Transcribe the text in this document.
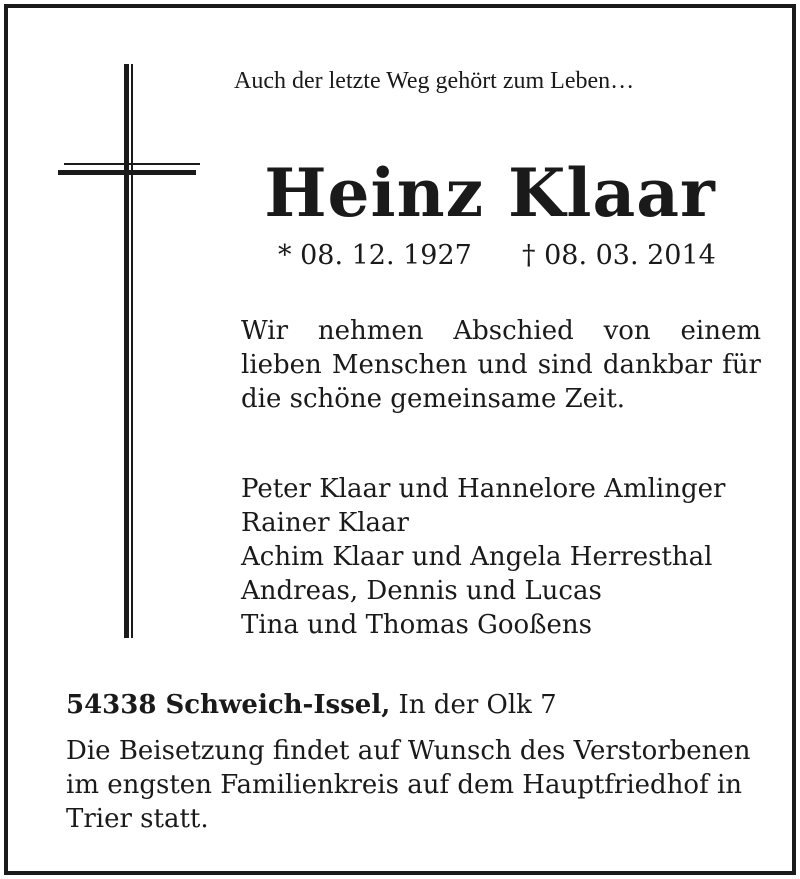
Auch der letzte Weg gehört zum Leben…
Heinz Klaar
* 08. 12. 1927 † 08. 03. 2014
Wir nehmen Abschied von einem
lieben Menschen und sind dankbar für
die schöne gemeinsame Zeit.
Peter Klaar und Hannelore Amlinger
Rainer Klaar
Achim Klaar und Angela Herresthal
Andreas, Dennis und Lucas
Tina und Thomas Gooßens
54338 Schweich-Issel, In der Olk 7
Die Beisetzung findet auf Wunsch des Verstorbenen
im engsten Familienkreis auf dem Hauptfriedhof in
Trier statt.
